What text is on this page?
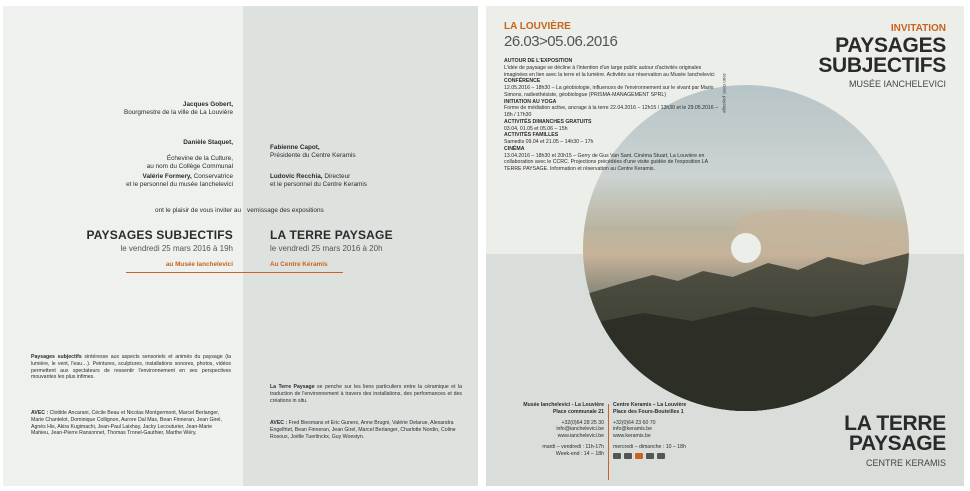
Jacques Gobert,
Bourgmestre de la ville de La Louvière

Danièle Staquet,

Échevine de la Culture,
au nom du Collège Communal

Valérie Formery, Conservatrice
et le personnel du musée Ianchelevici
ont le plaisir de vous inviter au
PAYSAGES SUBJECTIFS
le vendredi 25 mars 2016 à 19h
au Musée Ianchelevici
Paysages subjectifs sintéresse aux aspects sensoriels et animés du paysage (la lumière, le vent, l'eau…). Peintures, sculptures, installations sonores, photos, vidéos permettent aux spectateurs de ressentir l'environnement en ses perspectives mouvantes les plus infimes.
AVEC : Clotilde Ancarani, Cécile Beau et Nicolas Montgermont, Marcel Berlanger, Marie Chantelot, Dominique Collignon, Aurore Dal Mas, Bean Finneran, Jean Girel, Agnès His, Akira Kugimachi, Jean-Paul Laixhay, Jacky Lecouturier, Jean-Marie Mahieu, Jean-Pierre Ransonnet, Thomas Tronel-Gauthier, Marthe Wéry.
Fabienne Capot,
Présidente du Centre Keramis
Ludovic Recchia, Directeur
et le personnel du Centre Keramis
vernissage des expositions
LA TERRE PAYSAGE
le vendredi 25 mars 2016 à 20h
Au Centre Kéramis
La Terre Paysage se penche sur les liens particuliers entre la céramique et la traduction de l'environnement à travers des installations, des performances et des créations in situ.
AVEC : Fred Biesmans et Eric Guners, Anne Brugni, Valérie Delarue, Alexandra Engelfriet, Bean Finneran, Jean Girel, Marcel Berlanger, Charlotte Nordin, Coline Rosoux, Joëlle Tuerlinckx, Guy Woestyn.
LA LOUVIÈRE
26.03>05.06.2016
AUTOUR DE L'EXPOSITION
L'idée de paysage se décline à l'intention d'un large public autour d'activités originales imaginées en lien avec la terre et la lumière. Activités sur réservation au Musée Ianchelevici
CONFÉRENCE
12.05.2016 – 18h30 – La géobiologie, influences de l'environnement sur le vivant par Mario Simons, radiesthésiste, géobiologue (PRISMA-MANAGEMENT SPRL)
INITIATION AU YOGA
Forme de médiation active, ancrage à la terre 22.04.2016 – 12h15 / 13h30 et le 29.05.2016 – 18h / 17h30
ACTIVITÉS DIMANCHES GRATUITS
03.04, 01.05 et 05.06 – 15h
ACTIVITÉS FAMILLES
Samedis 09.04 et 21.05 – 14h30 – 17h
CINÉMA
13.04.2016 – 18h30 et 20h15 – Gerry de Gus Van Sant. Cinéma Stuart, La Louvière en collaboration avec le CCRC. Projections précédées d'une visite guidée de l'exposition LA TERRE PAYSAGE. Information et réservation au Centre Keramis.
INVITATION
PAYSAGES
SUBJECTIFS
MUSÉE IANCHELEVICI
Jean Girel, paysage
Musée Ianchelevici - La Louvière
Place communale 21
+32(0)64 28 25 30
info@ianchelevici.be
www.ianchelevici.be
mardi – vendredi : 11h-17h
Week-end : 14 – 18h
Centre Keramis – La Louvière
Place des Fours-Bouteilles 1
+32(0)64 23 60 70
info@keramis.be
www.keramis.be
mercredi – dimanche : 10 – 18h
LA TERRE
PAYSAGE
CENTRE KERAMIS
